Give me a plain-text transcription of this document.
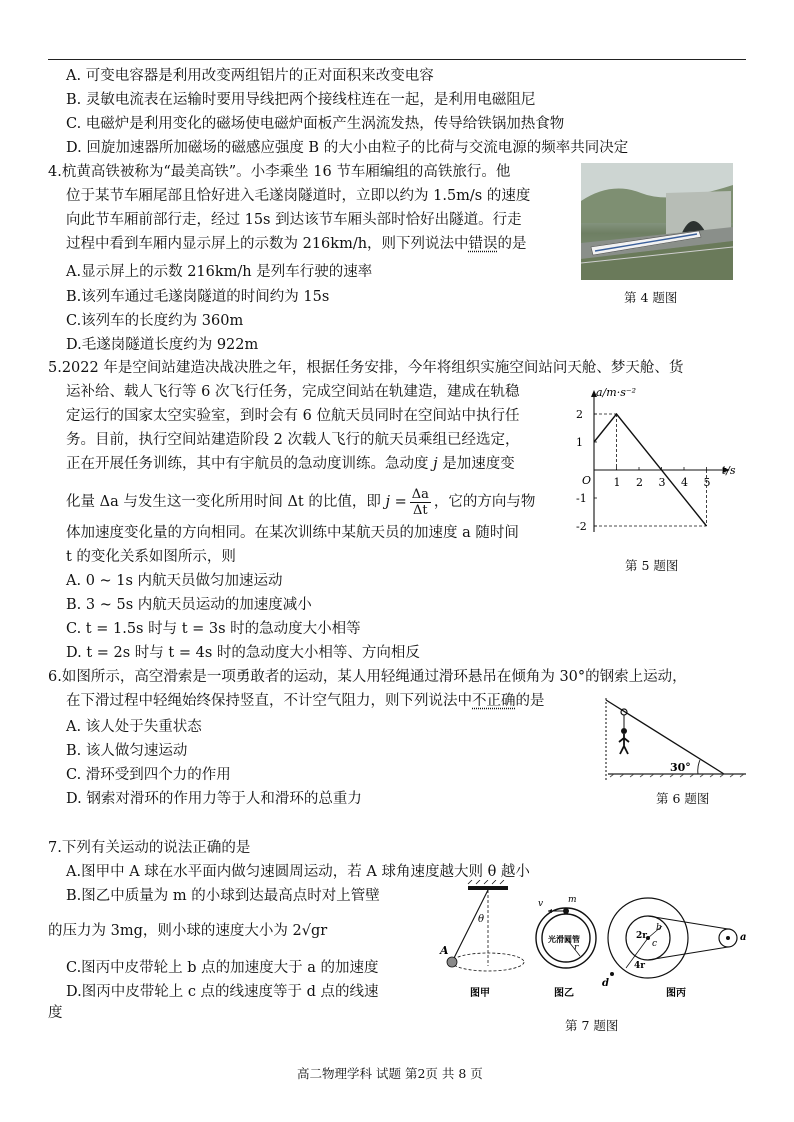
A. 可变电容器是利用改变两组铝片的正对面积来改变电容
B. 灵敏电流表在运输时要用导线把两个接线柱连在一起，是利用电磁阻尼
C. 电磁炉是利用变化的磁场使电磁炉面板产生涡流发热，传导给铁锅加热食物
D. 回旋加速器所加磁场的磁感应强度 B 的大小由粒子的比荷与交流电源的频率共同决定
4.杭黄高铁被称为“最美高铁”。小李乘坐 16 节车厢编组的高铁旅行。他
位于某节车厢尾部且恰好进入毛遂岗隧道时，立即以约为 1.5m/s 的速度
向此节车厢前部行走，经过 15s 到达该节车厢头部时恰好出隧道。行走
过程中看到车厢内显示屏上的示数为 216km/h，则下列说法中错误的是
A.显示屏上的示数 216km/h 是列车行驶的速率
B.该列车通过毛遂岗隧道的时间约为 15s
C.该列车的长度约为 360m
D.毛遂岗隧道长度约为 922m
第 4 题图
5.2022 年是空间站建造决战决胜之年，根据任务安排，今年将组织实施空间站问天舱、梦天舱、货
运补给、载人飞行等 6 次飞行任务，完成空间站在轨建造，建成在轨稳
定运行的国家太空实验室，到时会有 6 位航天员同时在空间站中执行任
务。目前，执行空间站建造阶段 2 次载人飞行的航天员乘组已经选定，
正在开展任务训练，其中有宇航员的急动度训练。急动度 j 是加速度变
化量 Δa 与发生这一变化所用时间 Δt 的比值，即 $j = \frac{\Delta a}{\Delta t}$ ，它的方向与物
体加速度变化量的方向相同。在某次训练中某航天员的加速度 a 随时间
t 的变化关系如图所示，则
A. 0 ~ 1s 内航天员做匀加速运动
B. 3 ~ 5s 内航天员运动的加速度减小
C. t = 1.5s 时与 t = 3s 时的急动度大小相等
D. t = 2s 时与 t = 4s 时的急动度大小相等、方向相反
a/m·s⁻²
t/s
O 1 2 3 4 5
2
1
-1
-2
第 5 题图
6.如图所示，高空滑索是一项勇敢者的运动，某人用轻绳通过滑环悬吊在倾角为 30°的钢索上运动，
在下滑过程中轻绳始终保持竖直，不计空气阻力，则下列说法中不正确的是
A. 该人处于失重状态
B. 该人做匀速运动
C. 滑环受到四个力的作用
D. 钢索对滑环的作用力等于人和滑环的总重力
30°
第 6 题图
7.下列有关运动的说法正确的是
A.图甲中 A 球在水平面内做匀速圆周运动，若 A 球角速度越大则 θ 越小
B.图乙中质量为 m 的小球到达最高点时对上管壁
的压力为 3mg，则小球的速度大小为 2√gr
C.图丙中皮带轮上 b 点的加速度大于 a 的加速度
D.图丙中皮带轮上 c 点的线速度等于 d 点的线速
度
A
θ
图甲
v	m
r
光滑圆管
图乙
2r
4r
b
c
d
a
图丙
第 7 题图
高二物理学科 试题 第2页 共 8 页
